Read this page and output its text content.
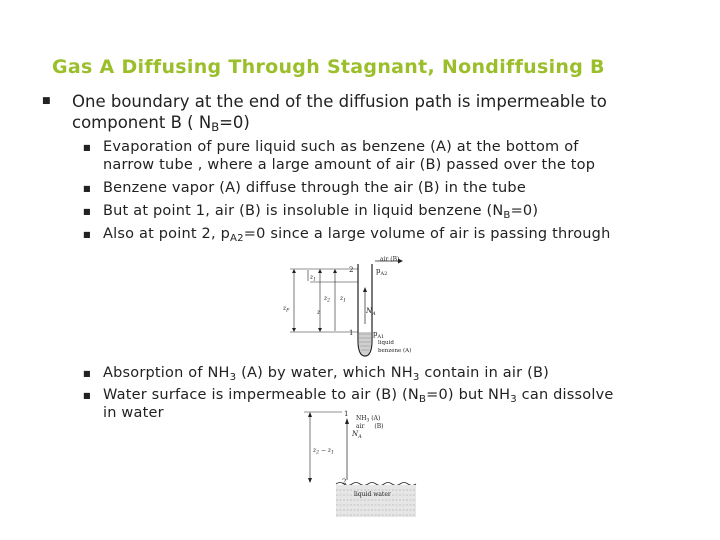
Gas A Diffusing Through Stagnant, Nondiffusing B
■ One boundary at the end of the diffusion path is impermeable to
component B ( $N_B=0$)
■ Evaporation of pure liquid such as benzene (A) at the bottom of
narrow tube , where a large amount of air (B) passed over the top
■ Benzene vapor (A) diffuse through the air (B) in the tube
■ But at point 1, air (B) is insoluble in liquid benzene $(N_B=0)$
■ Also at point 2, $p_{A2}=0$ since a large volume of air is passing through
air (B)
$p_{A2}$
2
1	$p_{A1}$
$N_A$
$z_1$
$z_1$
$z_2$
$z_F$	z
liquid
benzene (A)
■ Absorption of $NH_3$ (A) by water, which $NH_3$ contain in air (B)
1
2
$NH_3$ (A)
air (B)
$N_A$
$z_2 - z_1$
liquid water
■ Water surface is impermeable to air (B) $(N_B=0)$ but $NH_3$ can dissolve
in water
